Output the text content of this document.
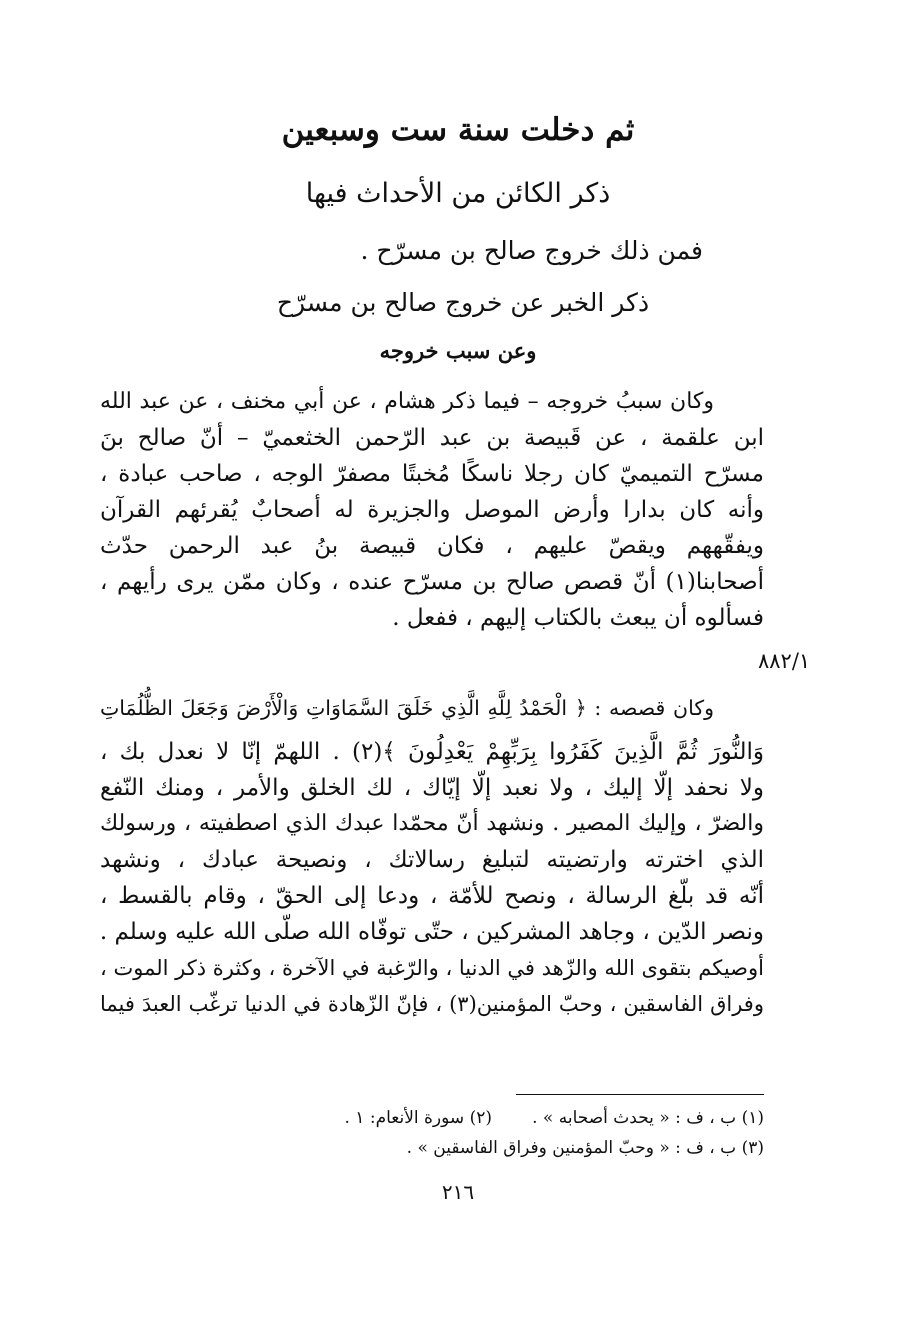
ثم دخلت سنة ست وسبعين
ذكر الكائن من الأحداث فيها
فمن ذلك خروج صالح بن مسرّح .
ذكر الخبر عن خروج صالح بن مسرّح
وعن سبب خروجه
وكان سببُ خروجه – فيما ذكر هشام ، عن أبي مخنف ، عن عبد الله
ابن علقمة ، عن قَبيصة بن عبد الرّحمن الخثعميّ – أنّ صالح بنَ
مسرّح التميميّ كان رجلا ناسكًا مُخبتًا مصفرّ الوجه ، صاحب عبادة ،
وأنه كان بدارا وأرض الموصل والجزيرة له أصحابٌ يُقرئهم القرآن
ويفقّههم ويقصّ عليهم ، فكان قبيصة بنُ عبد الرحمن حدّث
أصحابنا(١) أنّ قصص صالح بن مسرّح عنده ، وكان ممّن يرى رأيهم ،
فسألوه أن يبعث بالكتاب إليهم ، ففعل .
٨٨٢/١
وكان قصصه : ﴿ الْحَمْدُ لِلَّهِ الَّذِي خَلَقَ السَّمَاوَاتِ وَالْأَرْضَ وَجَعَلَ الظُّلُمَاتِ
وَالنُّورَ ثُمَّ الَّذِينَ كَفَرُوا بِرَبِّهِمْ يَعْدِلُونَ ﴾(٢) . اللهمّ إنّا لا نعدل بك ،
ولا نحفد إلّا إليك ، ولا نعبد إلّا إيّاك ، لك الخلق والأمر ، ومنك النّفع
والضرّ ، وإليك المصير . ونشهد أنّ محمّدا عبدك الذي اصطفيته ، ورسولك
الذي اخترته وارتضيته لتبليغ رسالاتك ، ونصيحة عبادك ، ونشهد
أنّه قد بلّغ الرسالة ، ونصح للأمّة ، ودعا إلى الحقّ ، وقام بالقسط ،
ونصر الدّين ، وجاهد المشركين ، حتّى توفّاه الله صلّى الله عليه وسلم .
أوصيكم بتقوى الله والزّهد في الدنيا ، والرّغبة في الآخرة ، وكثرة ذكر الموت ،
وفراق الفاسقين ، وحبّ المؤمنين(٣) ، فإنّ الزّهادة في الدنيا ترغّب العبدَ فيما
(١) ب ، ف : « يحدث أصحابه » .
(٢) سورة الأنعام: ١ .
(٣) ب ، ف : « وحبّ المؤمنين وفراق الفاسقين » .
٢١٦
